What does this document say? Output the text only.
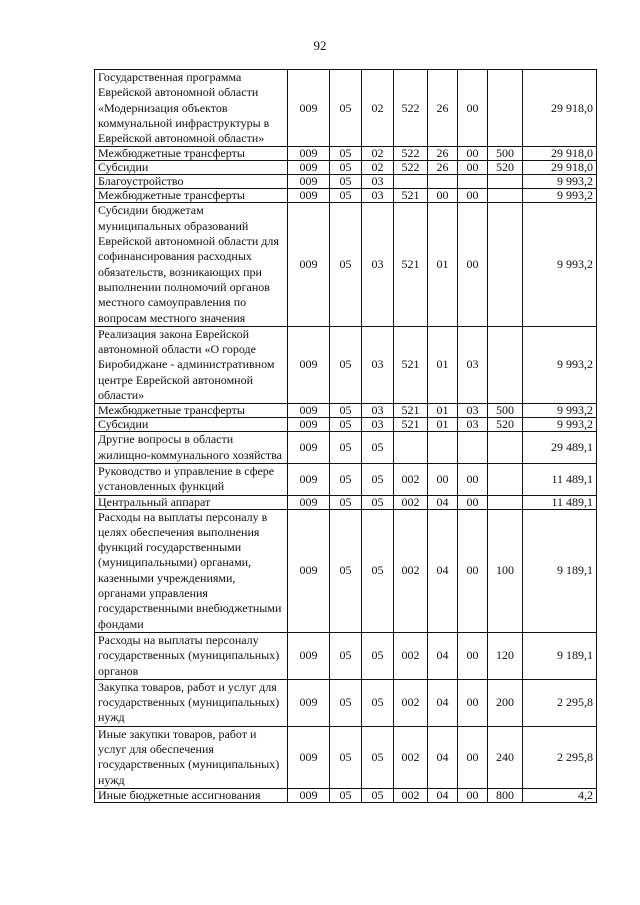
92
Государственная программа Еврейской автономной области «Модернизация объектов коммунальной инфраструктуры в Еврейской автономной области»	009	05	02	522	26	00		29 918,0
Межбюджетные трансферты	009	05	02	522	26	00	500	29 918,0
Субсидии	009	05	02	522	26	00	520	29 918,0
Благоустройство	009	05	03					9 993,2
Межбюджетные трансферты	009	05	03	521	00	00		9 993,2
Субсидии бюджетам муниципальных образований Еврейской автономной области для софинансирования расходных обязательств, возникающих при выполнении полномочий органов местного самоуправления по вопросам местного значения	009	05	03	521	01	00		9 993,2
Реализация закона Еврейской автономной области «О городе Биробиджане - административном центре Еврейской автономной области»	009	05	03	521	01	03		9 993,2
Межбюджетные трансферты	009	05	03	521	01	03	500	9 993,2
Субсидии	009	05	03	521	01	03	520	9 993,2
Другие вопросы в области жилищно-коммунального хозяйства	009	05	05					29 489,1
Руководство и управление в сфере установленных функций	009	05	05	002	00	00		11 489,1
Центральный аппарат	009	05	05	002	04	00		11 489,1
Расходы на выплаты персоналу в целях обеспечения выполнения функций государственными (муниципальными) органами, казенными учреждениями, органами управления государственными внебюджетными фондами	009	05	05	002	04	00	100	9 189,1
Расходы на выплаты персоналу государственных (муниципальных) органов	009	05	05	002	04	00	120	9 189,1
Закупка товаров, работ и услуг для государственных (муниципальных) нужд	009	05	05	002	04	00	200	2 295,8
Иные закупки товаров, работ и услуг для обеспечения государственных (муниципальных) нужд	009	05	05	002	04	00	240	2 295,8
Иные бюджетные ассигнования	009	05	05	002	04	00	800	4,2
